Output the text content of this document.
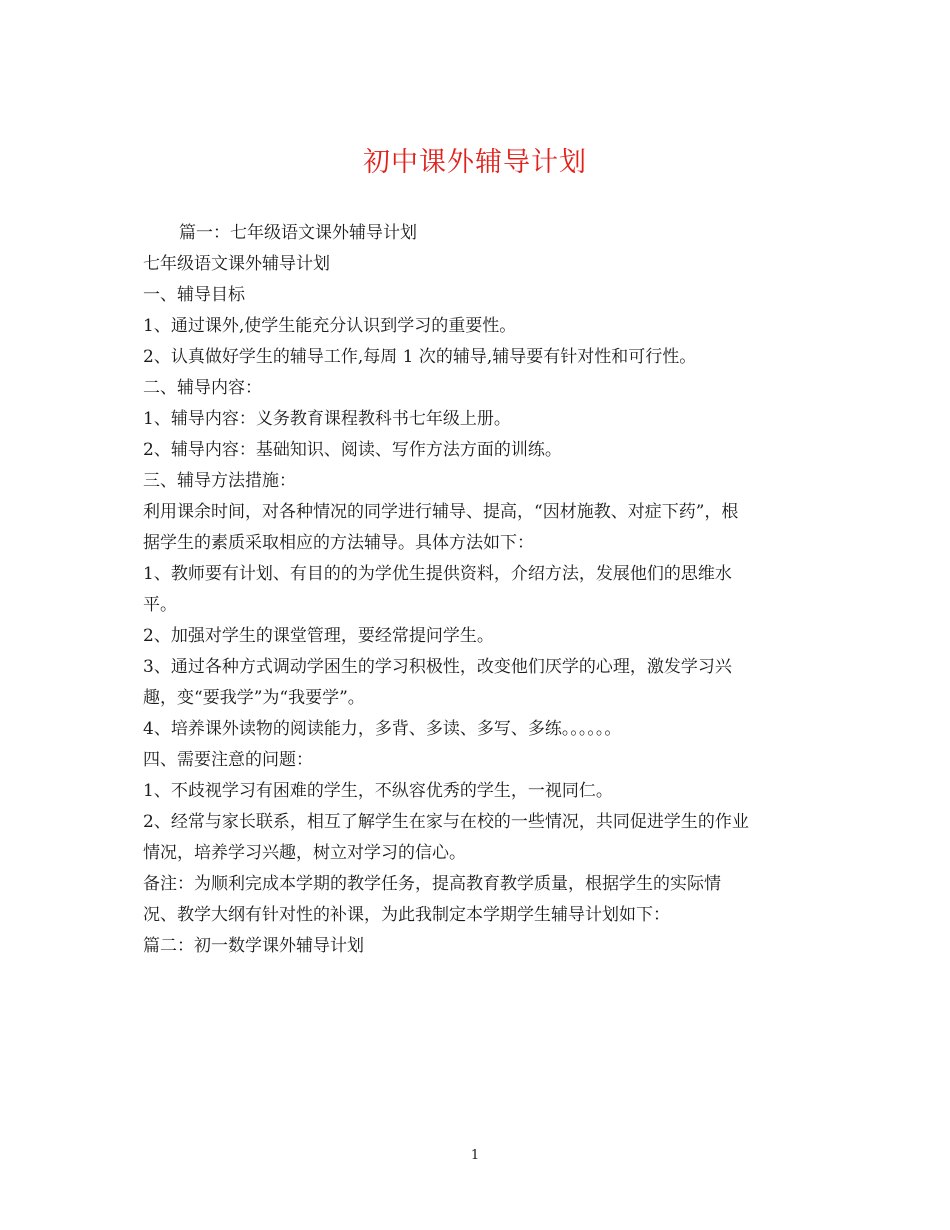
初中课外辅导计划
篇一：七年级语文课外辅导计划
七年级语文课外辅导计划
一、辅导目标
1、通过课外,使学生能充分认识到学习的重要性。
2、认真做好学生的辅导工作,每周 1 次的辅导,辅导要有针对性和可行性。
二、辅导内容：
1、辅导内容：义务教育课程教科书七年级上册。
2、辅导内容：基础知识、阅读、写作方法方面的训练。
三、辅导方法措施：
利用课余时间，对各种情况的同学进行辅导、提高，“因材施教、对症下药”，根
据学生的素质采取相应的方法辅导。具体方法如下：
1、教师要有计划、有目的的为学优生提供资料，介绍方法，发展他们的思维水
平。
2、加强对学生的课堂管理，要经常提问学生。
3、通过各种方式调动学困生的学习积极性，改变他们厌学的心理，激发学习兴
趣，变“要我学”为“我要学”。
4、培养课外读物的阅读能力，多背、多读、多写、多练。。。。。。
四、需要注意的问题：
1、不歧视学习有困难的学生，不纵容优秀的学生，一视同仁。
2、经常与家长联系，相互了解学生在家与在校的一些情况，共同促进学生的作业
情况，培养学习兴趣，树立对学习的信心。
备注：为顺利完成本学期的教学任务，提高教育教学质量，根据学生的实际情
况、教学大纲有针对性的补课，为此我制定本学期学生辅导计划如下：
篇二：初一数学课外辅导计划
1
